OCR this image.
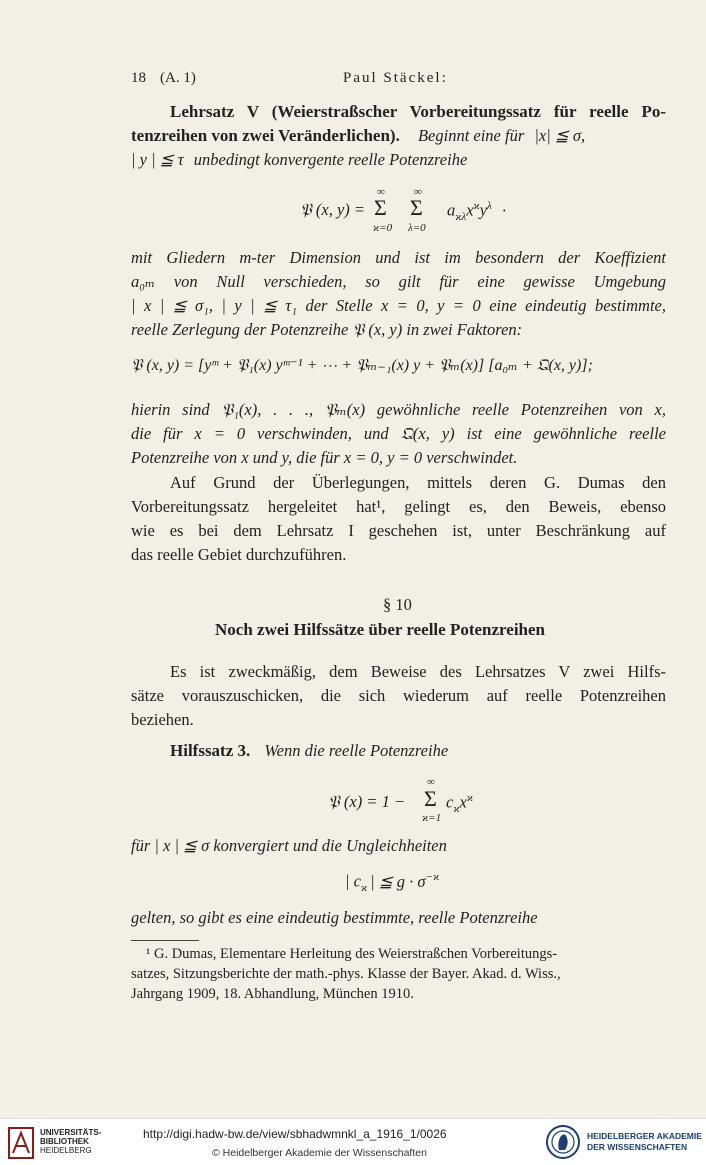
18 (A. 1)	Paul Stäckel:
Lehrsatz V (Weierstraßscher Vorbereitungssatz für reelle Po-
tenzreihen von zwei Veränderlichen). Beginnt eine für |x| ≦ σ,
| y | ≦ τ unbedingt konvergente reelle Potenzreihe
𝔓 (x, y) =
∞
Σ
ϰ=0
∞
Σ
λ=0
$a_{ϰ\lambda}x^ϰy^\lambda$ ·
mit Gliedern m-ter Dimension und ist im besondern der Koeffizient
a₀ₘ von Null verschieden, so gilt für eine gewisse Umgebung
| x | ≦ σ₁, | y | ≦ τ₁ der Stelle x = 0, y = 0 eine eindeutig bestimmte,
reelle Zerlegung der Potenzreihe 𝔓 (x, y) in zwei Faktoren:
𝔓 (x, y) = [yᵐ + 𝔓₁(x) yᵐ⁻¹ + ⋯ + 𝔓ₘ₋₁(x) y + 𝔓ₘ(x)] [a₀ₘ + 𝔔(x, y)];
hierin sind 𝔓₁(x), . . ., 𝔓ₘ(x) gewöhnliche reelle Potenzreihen von x,
die für x = 0 verschwinden, und 𝔔(x, y) ist eine gewöhnliche reelle
Potenzreihe von x und y, die für x = 0, y = 0 verschwindet.
Auf Grund der Überlegungen, mittels deren G. Dumas den
Vorbereitungssatz hergeleitet hat¹, gelingt es, den Beweis, ebenso
wie es bei dem Lehrsatz I geschehen ist, unter Beschränkung auf
das reelle Gebiet durchzuführen.
§ 10
Noch zwei Hilfssätze über reelle Potenzreihen
Es ist zweckmäßig, dem Beweise des Lehrsatzes V zwei Hilfs-
sätze vorauszuschicken, die sich wiederum auf reelle Potenzreihen
beziehen.
Hilfssatz 3. Wenn die reelle Potenzreihe
𝔓 (x) = 1 −
∞
Σ
ϰ=1
$c_ϰx^ϰ$
für | x | ≦ σ konvergiert und die Ungleichheiten
| $c_ϰ$ | ≦ $g \cdot \sigma^{-ϰ}$
gelten, so gibt es eine eindeutig bestimmte, reelle Potenzreihe
¹ G. Dumas, Elementare Herleitung des Weierstraßchen Vorbereitungs-
satzes, Sitzungsberichte der math.-phys. Klasse der Bayer. Akad. d. Wiss.,
Jahrgang 1909, 18. Abhandlung, München 1910.
UNIVERSITÄTS-
BIBLIOTHEK
HEIDELBERG
http://digi.hadw-bw.de/view/sbhadwmnkl_a_1916_1/0026
© Heidelberger Akademie der Wissenschaften
HEIDELBERGER AKADEMIE
DER WISSENSCHAFTEN
